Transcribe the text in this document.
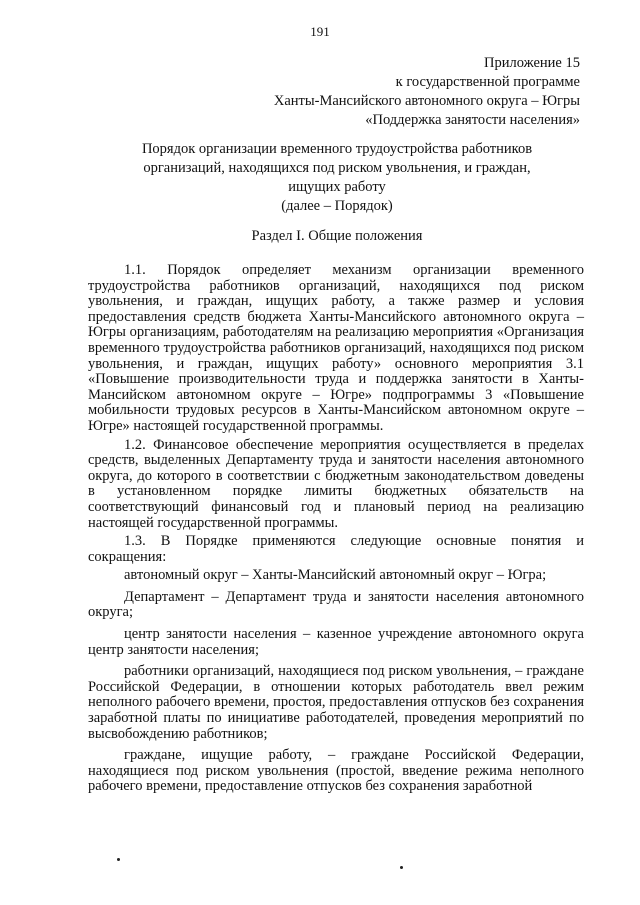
191
Приложение 15
к государственной программе
Ханты-Мансийского автономного округа – Югры
«Поддержка занятости населения»
Порядок организации временного трудоустройства работников
организаций, находящихся под риском увольнения, и граждан,
ищущих работу
(далее – Порядок)
Раздел I. Общие положения

1.1. Порядок определяет механизм организации временного трудоустройства работников организаций, находящихся под риском увольнения, и граждан, ищущих работу, а также размер и условия предоставления средств бюджета Ханты-Мансийского автономного округа – Югры организациям, работодателям на реализацию мероприятия «Организация временного трудоустройства работников организаций, находящихся под риском увольнения, и граждан, ищущих работу» основного мероприятия 3.1 «Повышение производительности труда и поддержка занятости в Ханты-Мансийском автономном округе – Югре» подпрограммы 3 «Повышение мобильности трудовых ресурсов в Ханты-Мансийском автономном округе – Югре» настоящей государственной программы.

1.2. Финансовое обеспечение мероприятия осуществляется в пределах средств, выделенных Департаменту труда и занятости населения автономного округа, до которого в соответствии с бюджетным законодательством доведены в установленном порядке лимиты бюджетных обязательств на соответствующий финансовый год и плановый период на реализацию настоящей государственной программы.

1.3. В Порядке применяются следующие основные понятия и сокращения:

автономный округ – Ханты-Мансийский автономный округ – Югра;

Департамент – Департамент труда и занятости населения автономного округа;

центр занятости населения – казенное учреждение автономного округа центр занятости населения;

работники организаций, находящиеся под риском увольнения, – граждане Российской Федерации, в отношении которых работодатель ввел режим неполного рабочего времени, простоя, предоставления отпусков без сохранения заработной платы по инициативе работодателей, проведения мероприятий по высвобождению работников;

граждане, ищущие работу, – граждане Российской Федерации, находящиеся под риском увольнения (простой, введение режима неполного рабочего времени, предоставление отпусков без сохранения заработной
